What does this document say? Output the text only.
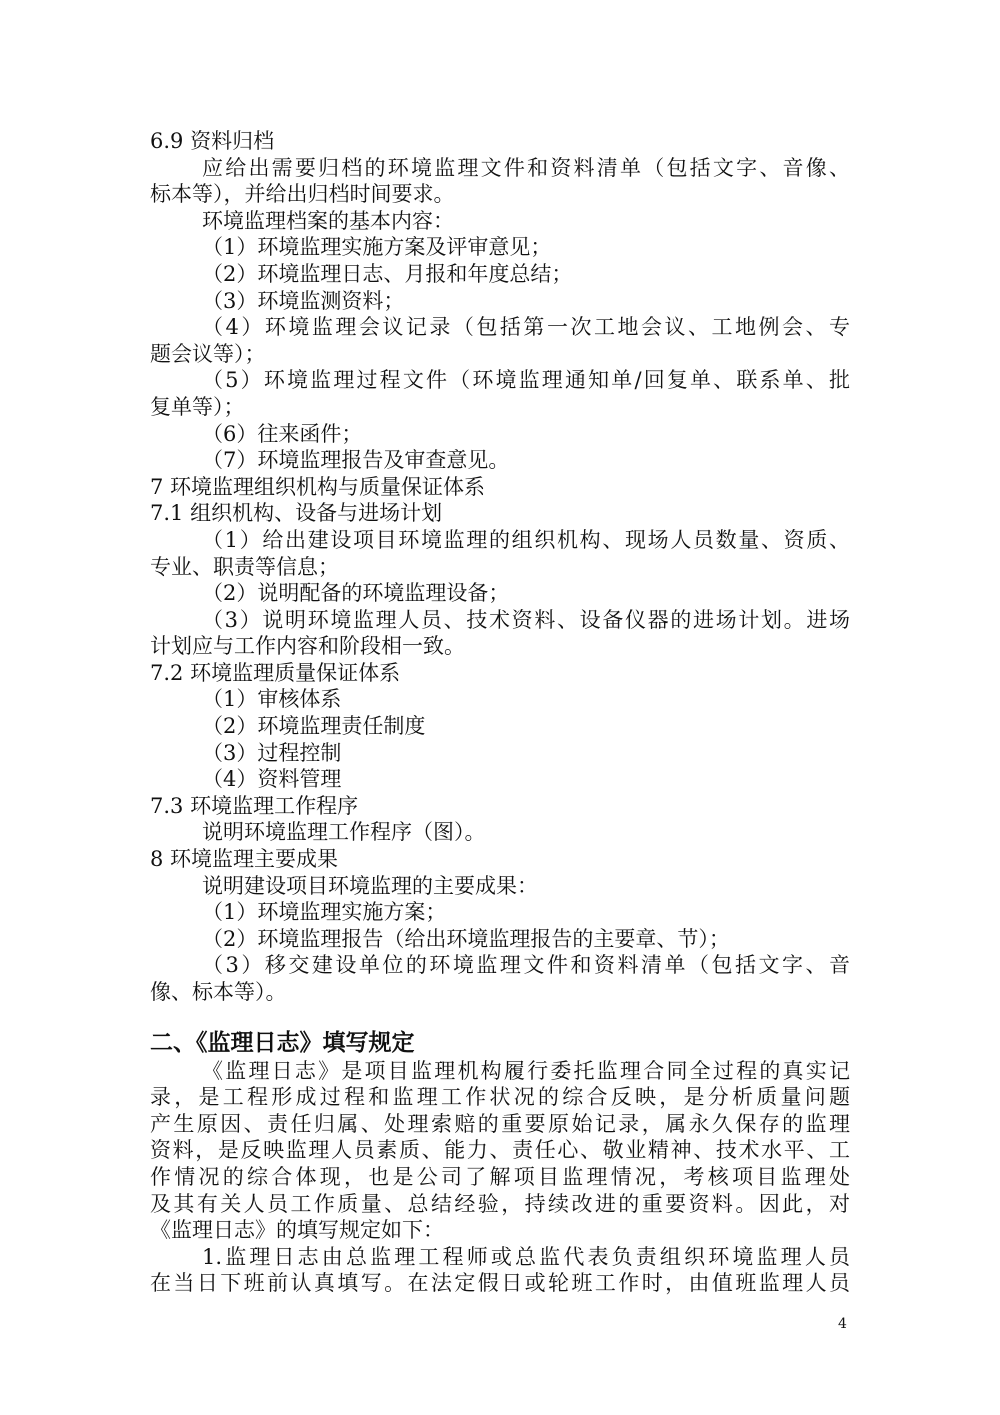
6.9 资料归档
应给出需要归档的环境监理文件和资料清单（包括文字、音像、
标本等），并给出归档时间要求。
环境监理档案的基本内容：
（1）环境监理实施方案及评审意见；
（2）环境监理日志、月报和年度总结；
（3）环境监测资料；
（4）环境监理会议记录（包括第一次工地会议、工地例会、专
题会议等）；
（5）环境监理过程文件（环境监理通知单/回复单、联系单、批
复单等）；
（6）往来函件；
（7）环境监理报告及审查意见。
7 环境监理组织机构与质量保证体系
7.1 组织机构、设备与进场计划
（1）给出建设项目环境监理的组织机构、现场人员数量、资质、
专业、职责等信息；
（2）说明配备的环境监理设备；
（3）说明环境监理人员、技术资料、设备仪器的进场计划。进场
计划应与工作内容和阶段相一致。
7.2 环境监理质量保证体系
（1）审核体系
（2）环境监理责任制度
（3）过程控制
（4）资料管理
7.3 环境监理工作程序
说明环境监理工作程序（图）。
8 环境监理主要成果
说明建设项目环境监理的主要成果：
（1）环境监理实施方案；
（2）环境监理报告（给出环境监理报告的主要章、节）；
（3）移交建设单位的环境监理文件和资料清单（包括文字、音
像、标本等）。
二、《监理日志》填写规定
《监理日志》是项目监理机构履行委托监理合同全过程的真实记
录，是工程形成过程和监理工作状况的综合反映，是分析质量问题
产生原因、责任归属、处理索赔的重要原始记录，属永久保存的监理
资料，是反映监理人员素质、能力、责任心、敬业精神、技术水平、工
作情况的综合体现，也是公司了解项目监理情况，考核项目监理处
及其有关人员工作质量、总结经验，持续改进的重要资料。因此，对
《监理日志》的填写规定如下：
1.监理日志由总监理工程师或总监代表负责组织环境监理人员
在当日下班前认真填写。在法定假日或轮班工作时，由值班监理人员
4
